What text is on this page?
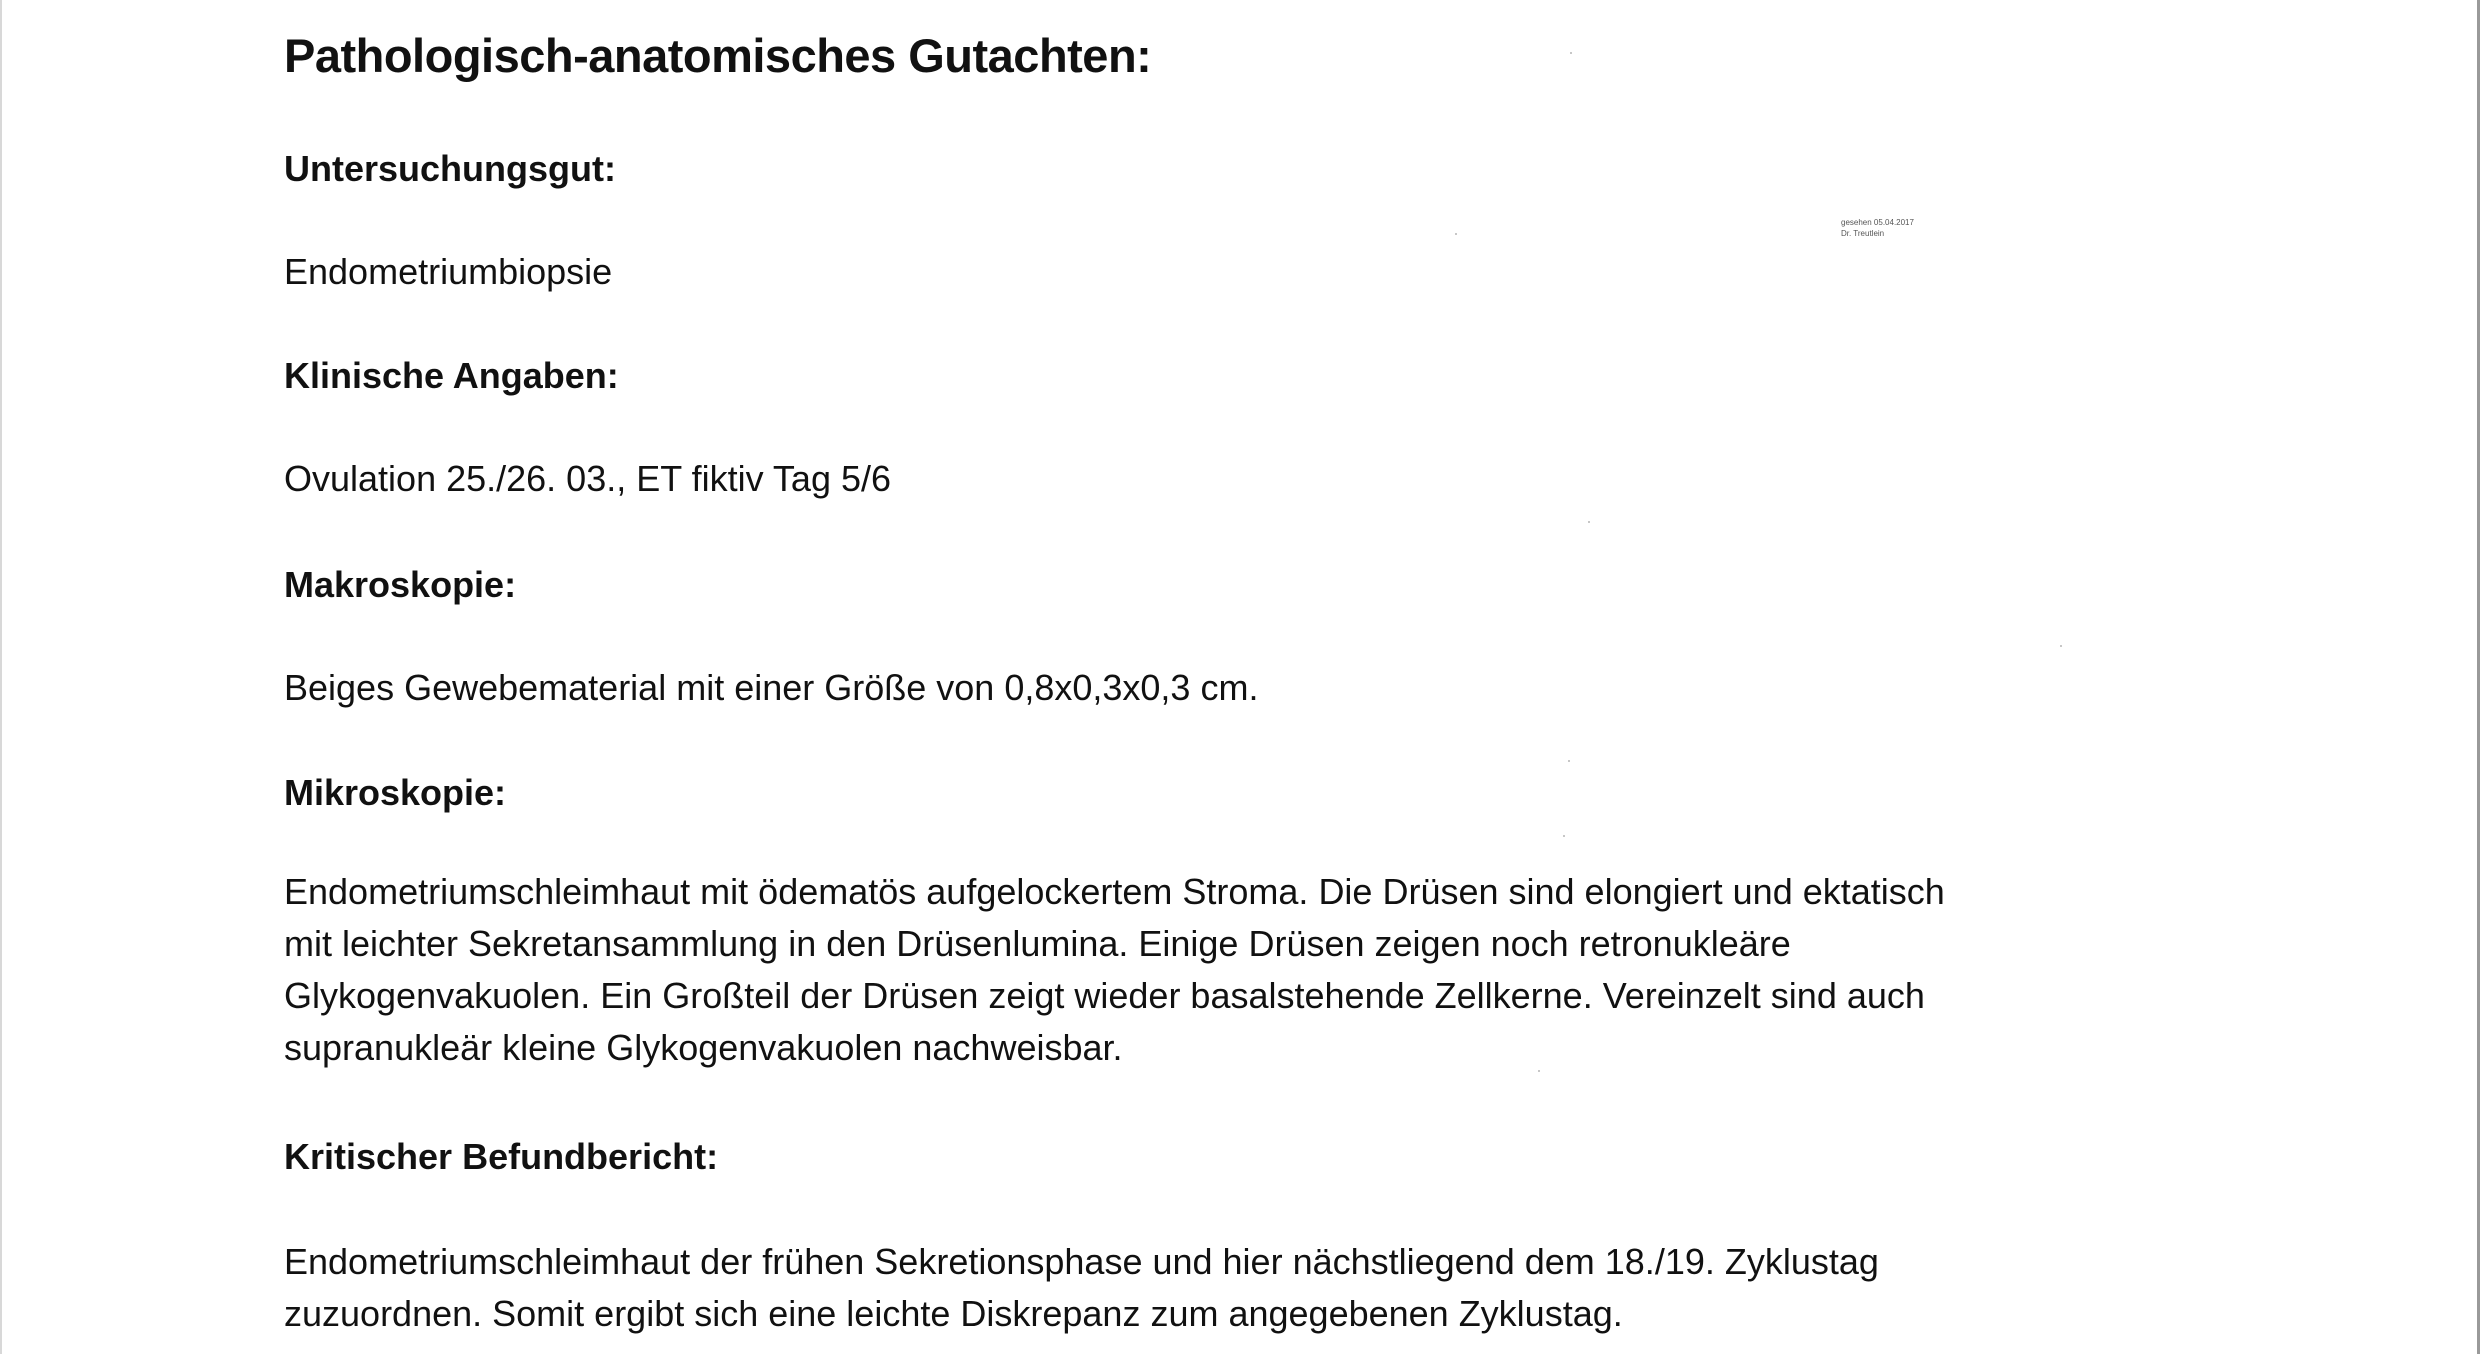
gesehen 05.04.2017
Dr. Treutlein
Pathologisch-anatomisches Gutachten:
Untersuchungsgut:
Endometriumbiopsie
Klinische Angaben:
Ovulation 25./26. 03., ET fiktiv Tag 5/6
Makroskopie:
Beiges Gewebematerial mit einer Größe von 0,8x0,3x0,3 cm.
Mikroskopie:
Endometriumschleimhaut mit ödematös aufgelockertem Stroma. Die Drüsen sind elongiert und ektatisch
mit leichter Sekretansammlung in den Drüsenlumina. Einige Drüsen zeigen noch retronukleäre
Glykogenvakuolen. Ein Großteil der Drüsen zeigt wieder basalstehende Zellkerne. Vereinzelt sind auch
supranukleär kleine Glykogenvakuolen nachweisbar.
Kritischer Befundbericht:
Endometriumschleimhaut der frühen Sekretionsphase und hier nächstliegend dem 18./19. Zyklustag
zuzuordnen. Somit ergibt sich eine leichte Diskrepanz zum angegebenen Zyklustag.
